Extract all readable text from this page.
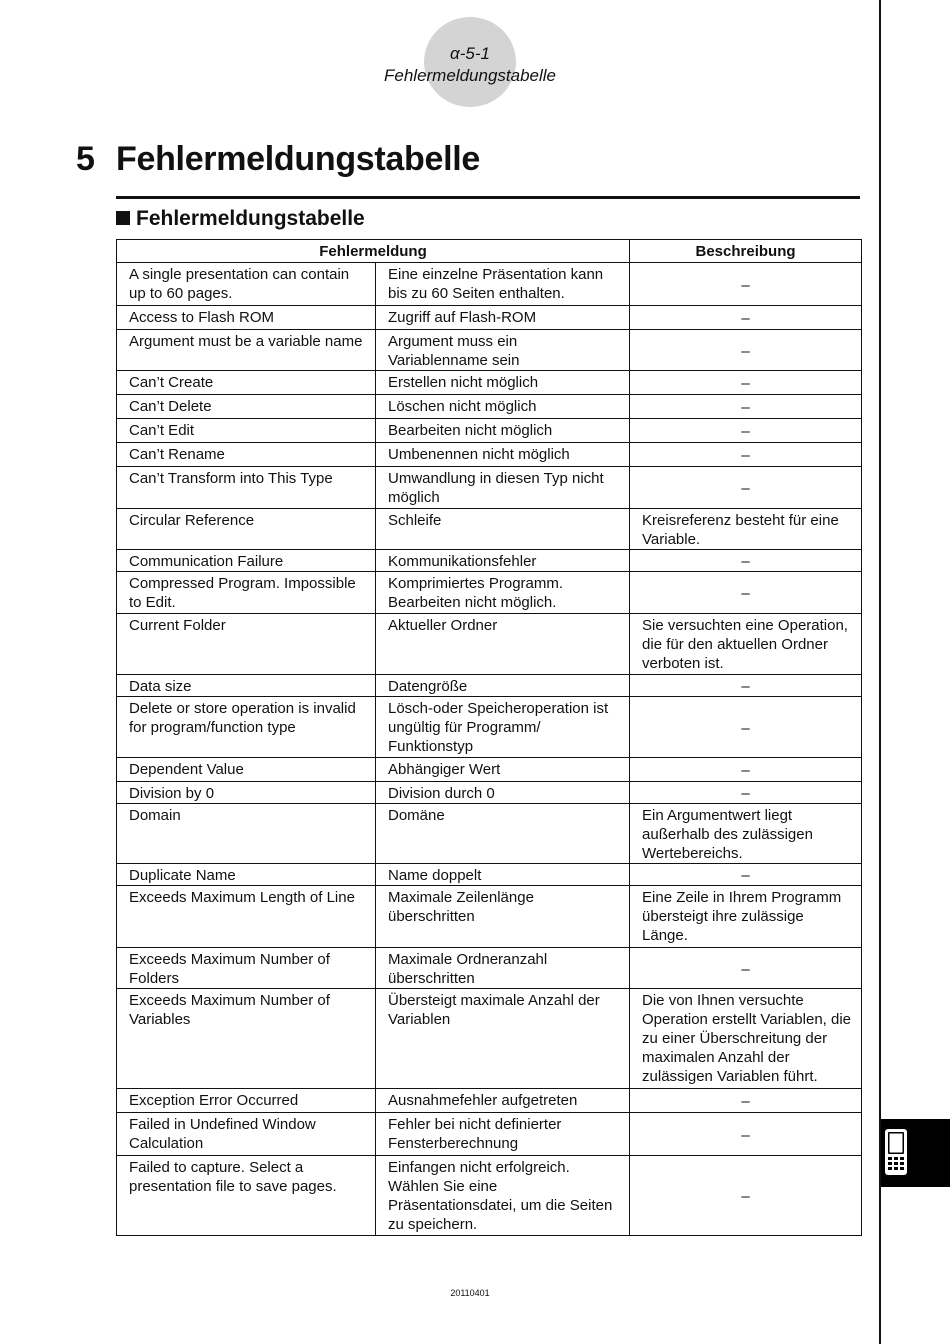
α-5-1
Fehlermeldungstabelle
5 Fehlermeldungstabelle
Fehlermeldungstabelle
Fehlermeldung		Beschreibung
A single presentation can contain up to 60 pages.	Eine einzelne Präsentation kann bis zu 60 Seiten enthalten.	–
Access to Flash ROM	Zugriff auf Flash-ROM	–
Argument must be a variable name	Argument muss ein Variablenname sein	–
Can’t Create	Erstellen nicht möglich	–
Can’t Delete	Löschen nicht möglich	–
Can’t Edit	Bearbeiten nicht möglich	–
Can’t Rename	Umbenennen nicht möglich	–
Can’t Transform into This Type	Umwandlung in diesen Typ nicht möglich	–
Circular Reference	Schleife	Kreisreferenz besteht für eine Variable.
Communication Failure	Kommunikationsfehler	–
Compressed Program. Impossible to Edit.	Komprimiertes Programm. Bearbeiten nicht möglich.	–
Current Folder	Aktueller Ordner	Sie versuchten eine Operation, die für den aktuellen Ordner verboten ist.
Data size	Datengröße	–
Delete or store operation is invalid for program/function type	Lösch-oder Speicheroperation ist ungültig für Programm/ Funktionstyp	–
Dependent Value	Abhängiger Wert	–
Division by 0	Division durch 0	–
Domain	Domäne	Ein Argumentwert liegt außerhalb des zulässigen Wertebereichs.
Duplicate Name	Name doppelt	–
Exceeds Maximum Length of Line	Maximale Zeilenlänge überschritten	Eine Zeile in Ihrem Programm übersteigt ihre zulässige Länge.
Exceeds Maximum Number of Folders	Maximale Ordneranzahl überschritten	–
Exceeds Maximum Number of Variables	Übersteigt maximale Anzahl der Variablen	Die von Ihnen versuchte Operation erstellt Variablen, die zu einer Überschreitung der maximalen Anzahl der zulässigen Variablen führt.
Exception Error Occurred	Ausnahmefehler aufgetreten	–
Failed in Undefined Window Calculation	Fehler bei nicht definierter Fensterberechnung	–
Failed to capture. Select a presentation file to save pages.	Einfangen nicht erfolgreich. Wählen Sie eine Präsentationsdatei, um die Seiten zu speichern.	–
20110401
